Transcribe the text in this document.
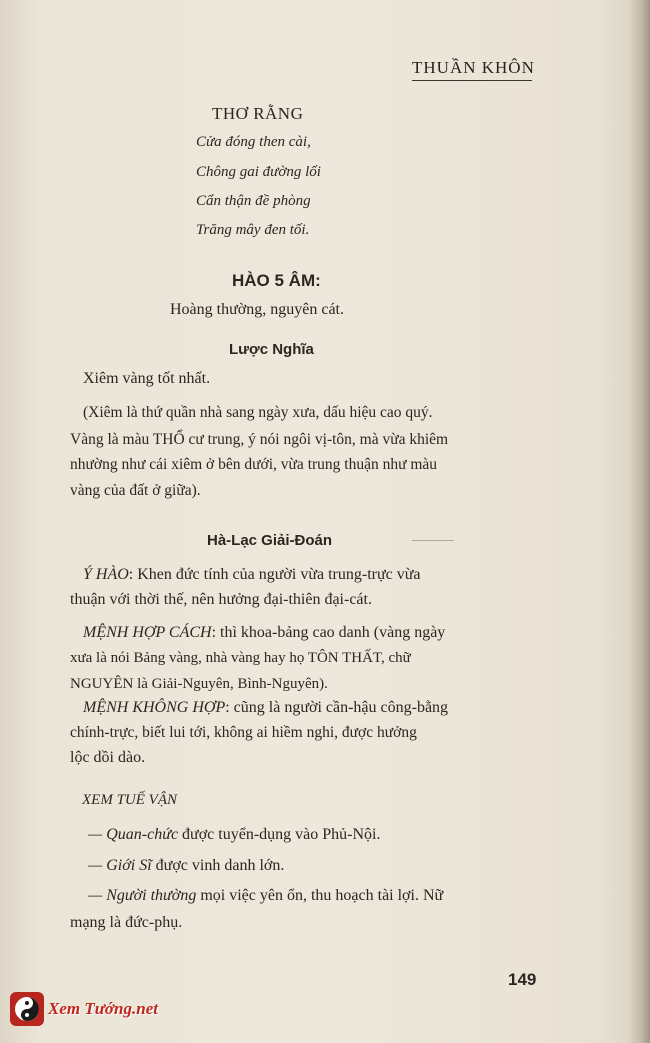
THUẦN KHÔN
THƠ RẰNG
Cửa đóng then cài,
Chông gai đường lối
Cẩn thận đề phòng
Trăng mây đen tối.
HÀO 5 ÂM:
Hoàng thường, nguyên cát.
Lược Nghĩa
Xiêm vàng tốt nhất.
(Xiêm là thứ quần nhà sang ngày xưa, dấu hiệu cao quý.
Vàng là màu THỔ cư trung, ý nói ngôi vị-tôn, mà vừa khiêm
nhường như cái xiêm ở bên dưới, vừa trung thuận như màu
vàng của đất ở giữa).
Hà-Lạc Giải-Đoán
Ý HÀO: Khen đức tính của người vừa trung-trực vừa
thuận với thời thế, nên hưởng đại-thiên đại-cát.
MỆNH HỢP CÁCH: thì khoa-bảng cao danh (vàng ngày
xưa là nói Bảng vàng, nhà vàng hay họ TÔN THẤT, chữ
NGUYÊN là Giải-Nguyên, Bình-Nguyên).
MỆNH KHÔNG HỢP: cũng là người cần-hậu công-bằng
chính-trực, biết lui tới, không ai hiềm nghi, được hưởng
lộc dồi dào.
XEM TUẾ VẬN
— Quan-chức được tuyển-dụng vào Phủ-Nội.
— Giới Sĩ được vinh danh lớn.
— Người thường mọi việc yên ổn, thu hoạch tài lợi. Nữ
mạng là đức-phụ.
149
Xem Tướng.net
